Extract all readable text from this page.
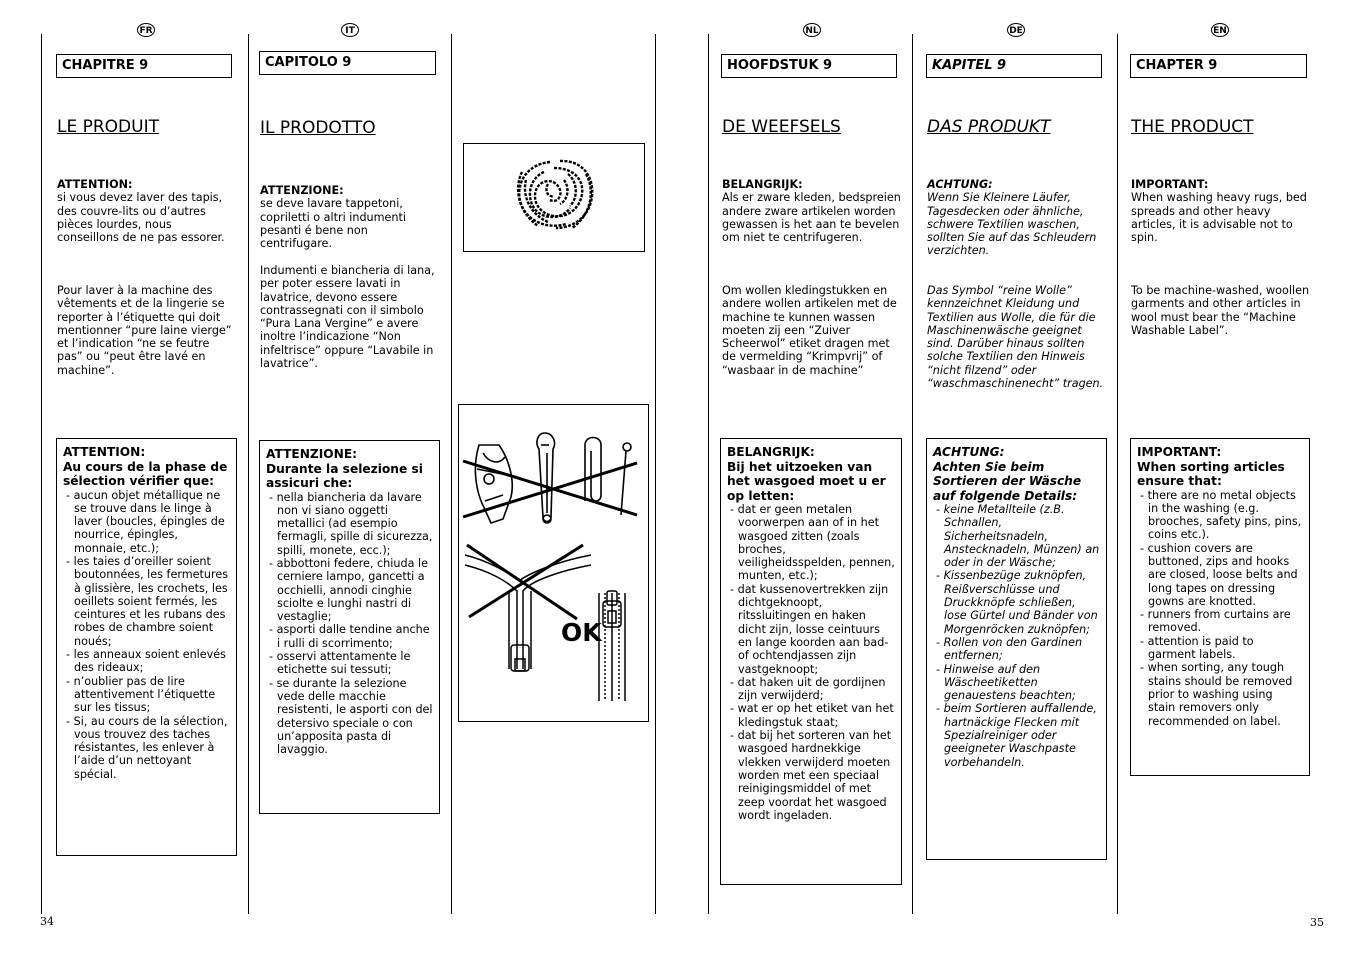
FR
CHAPITRE 9
LE PRODUIT
ATTENTION:
si vous devez laver des tapis, des couvre-lits ou d’autres pièces lourdes, nous conseillons de ne pas essorer.
Pour laver à la machine des vêtements et de la lingerie se reporter à l’étiquette qui doit mentionner “pure laine vierge” et l’indication “ne se feutre pas” ou “peut être lavé en machine”.
ATTENTION:
Au cours de la phase de sélection vérifier que:
- aucun objet métallique ne se trouve dans le linge à laver (boucles, épingles de nourrice, épingles, monnaie, etc.);
- les taies d’oreiller soient boutonnées, les fermetures à glissière, les crochets, les oeillets soient fermés, les ceintures et les rubans des robes de chambre soient noués;
- les anneaux soient enlevés des rideaux;
- n’oublier pas de lire attentivement l’étiquette sur les tissus;
- Si, au cours de la sélection, vous trouvez des taches résistantes, les enlever à l’aide d’un nettoyant spécial.
IT
CAPITOLO 9
IL PRODOTTO
ATTENZIONE:
se deve lavare tappetoni, copriletti o altri indumenti pesanti é bene non centrifugare.
Indumenti e biancheria di lana, per poter essere lavati in lavatrice, devono essere contrassegnati con il simbolo “Pura Lana Vergine” e avere inoltre l’indicazione “Non infeltrisce” oppure “Lavabile in lavatrice”.
ATTENZIONE:
Durante la selezione si assicuri che:
- nella biancheria da lavare non vi siano oggetti metallici (ad esempio fermagli, spille di sicurezza, spilli, monete, ecc.);
- abbottoni federe, chiuda le cerniere lampo, gancetti a occhielli, annodi cinghie sciolte e lunghi nastri di vestaglie;
- asporti dalle tendine anche i rulli di scorrimento;
- osservi attentamente le etichette sui tessuti;
- se durante la selezione vede delle macchie resistenti, le asporti con del detersivo speciale o con un’apposita pasta di lavaggio.
OK
NL
HOOFDSTUK 9
DE WEEFSELS
BELANGRIJK:
Als er zware kleden, bedspreien andere zware artikelen worden gewassen is het aan te bevelen om niet te centrifugeren.
Om wollen kledingstukken en andere wollen artikelen met de machine te kunnen wassen moeten zij een “Zuiver Scheerwol” etiket dragen met de vermelding “Krimpvrij” of “wasbaar in de machine”
BELANGRIJK:
Bij het uitzoeken van het wasgoed moet u er op letten:
- dat er geen metalen voorwerpen aan of in het wasgoed zitten (zoals broches, veiligheidsspelden, pennen, munten, etc.);
- dat kussenovertrekken zijn dichtgeknoopt, ritssluitingen en haken dicht zijn, losse ceintuurs en lange koorden aan bad-of ochtendjassen zijn vastgeknoopt;
- dat haken uit de gordijnen zijn verwijderd;
- wat er op het etiket van het kledingstuk staat;
- dat bij het sorteren van het wasgoed hardnekkige vlekken verwijderd moeten worden met een speciaal reinigingsmiddel of met zeep voordat het wasgoed wordt ingeladen.
DE
KAPITEL 9
DAS PRODUKT
ACHTUNG:
Wenn Sie Kleinere Läufer, Tagesdecken oder ähnliche, schwere Textilien waschen, sollten Sie auf das Schleudern verzichten.
Das Symbol “reine Wolle” kennzeichnet Kleidung und Textilien aus Wolle, die für die Maschinenwäsche geeignet sind. Darüber hinaus sollten solche Textilien den Hinweis “nicht filzend” oder “waschmaschinenecht” tragen.
ACHTUNG:
Achten Sie beim Sortieren der Wäsche auf folgende Details:
- keine Metallteile (z.B. Schnallen, Sicherheitsnadeln, Anstecknadeln, Münzen) an oder in der Wäsche;
- Kissenbezüge zuknöpfen, Reißverschlüsse und Druckknöpfe schließen, lose Gürtel und Bänder von Morgenröcken zuknöpfen;
- Rollen von den Gardinen entfernen;
- Hinweise auf den Wäscheetiketten genauestens beachten;
- beim Sortieren auffallende, hartnäckige Flecken mit Spezialreiniger oder geeigneter Waschpaste vorbehandeln.
EN
CHAPTER 9
THE PRODUCT
IMPORTANT:
When washing heavy rugs, bed spreads and other heavy articles, it is advisable not to spin.
To be machine-washed, woollen garments and other articles in wool must bear the “Machine Washable Label”.
IMPORTANT:
When sorting articles ensure that:
- there are no metal objects in the washing (e.g. brooches, safety pins, pins, coins etc.).
- cushion covers are buttoned, zips and hooks are closed, loose belts and long tapes on dressing gowns are knotted.
- runners from curtains are removed.
- attention is paid to garment labels.
- when sorting, any tough stains should be removed prior to washing using stain removers only recommended on label.
34	35
